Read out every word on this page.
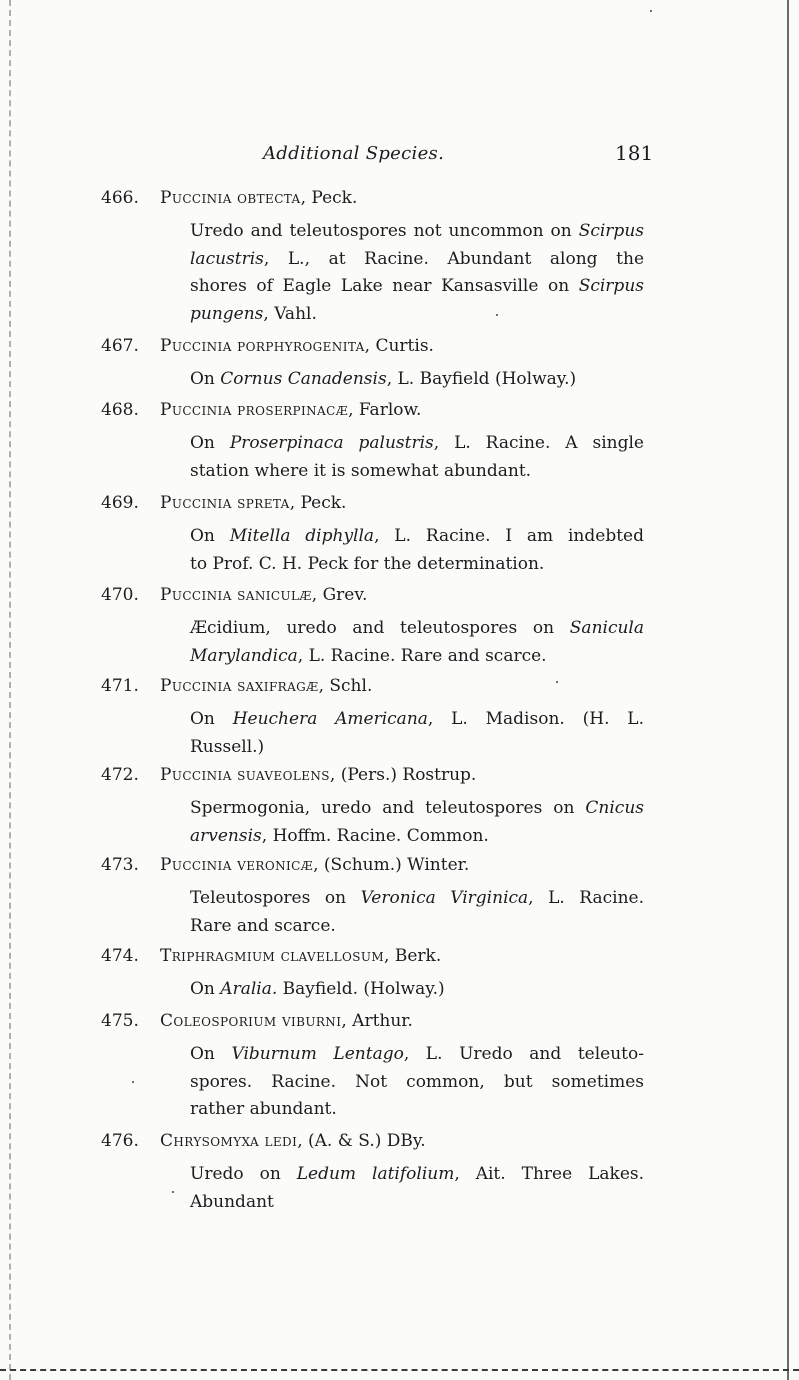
Additional Species.	181
466. Puccinia obtecta, Peck.
Uredo and teleutospores not uncommon on Scirpus
lacustris, L., at Racine. Abundant along the
shores of Eagle Lake near Kansasville on Scirpus
pungens, Vahl.
467. Puccinia porphyrogenita, Curtis.
On Cornus Canadensis, L. Bayfield (Holway.)
468. Puccinia proserpinacæ, Farlow.
On Proserpinaca palustris, L. Racine. A single
station where it is somewhat abundant.
469. Puccinia spreta, Peck.
On Mitella diphylla, L. Racine. I am indebted
to Prof. C. H. Peck for the determination.
470. Puccinia saniculæ, Grev.
Æcidium, uredo and teleutospores on Sanicula
Marylandica, L. Racine. Rare and scarce.
471. Puccinia saxifragæ, Schl.
On Heuchera Americana, L. Madison. (H. L.
Russell.)
472. Puccinia suaveolens, (Pers.) Rostrup.
Spermogonia, uredo and teleutospores on Cnicus
arvensis, Hoffm. Racine. Common.
473. Puccinia veronicæ, (Schum.) Winter.
Teleutospores on Veronica Virginica, L. Racine.
Rare and scarce.
474. Triphragmium clavellosum, Berk.
On Aralia. Bayfield. (Holway.)
475. Coleosporium viburni, Arthur.
On Viburnum Lentago, L. Uredo and teleuto-
spores. Racine. Not common, but sometimes
rather abundant.
476. Chrysomyxa ledi, (A. & S.) DBy.
Uredo on Ledum latifolium, Ait. Three Lakes.
Abundant
